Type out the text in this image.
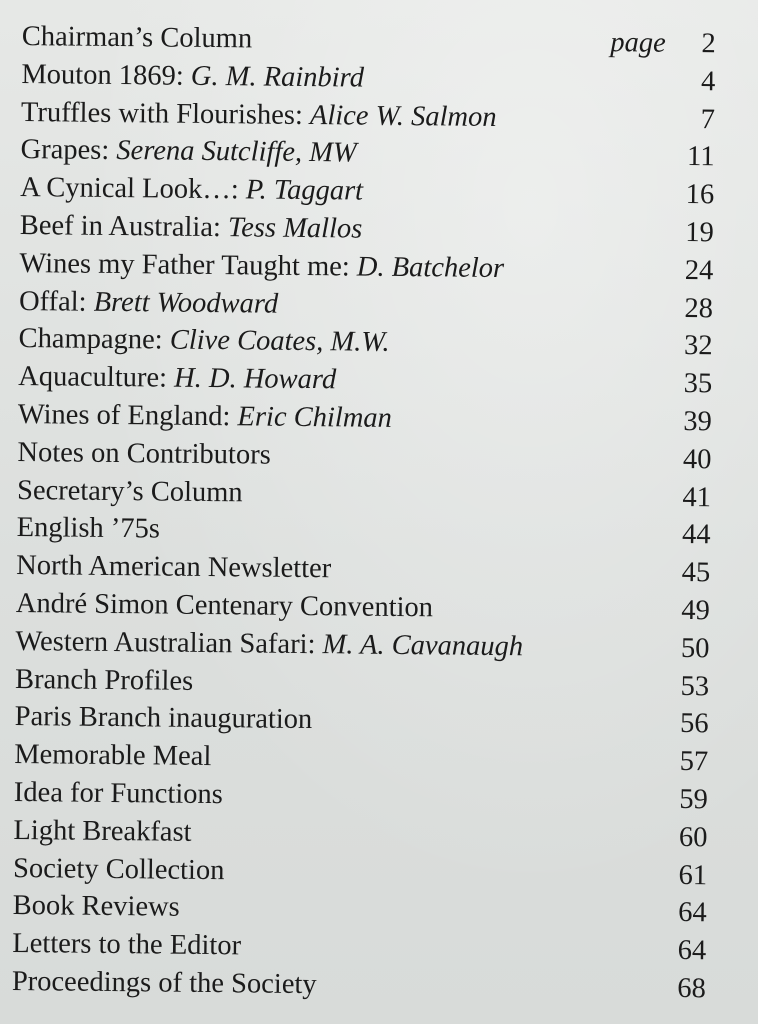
Chairman’s Column	page 2
Mouton 1869: G. M. Rainbird	4
Truffles with Flourishes: Alice W. Salmon	7
Grapes: Serena Sutcliffe, MW	11
A Cynical Look…: P. Taggart	16
Beef in Australia: Tess Mallos	19
Wines my Father Taught me: D. Batchelor	24
Offal: Brett Woodward	28
Champagne: Clive Coates, M.W.	32
Aquaculture: H. D. Howard	35
Wines of England: Eric Chilman	39
Notes on Contributors	40
Secretary’s Column	41
English ’75s	44
North American Newsletter	45
André Simon Centenary Convention	49
Western Australian Safari: M. A. Cavanaugh	50
Branch Profiles	53
Paris Branch inauguration	56
Memorable Meal	57
Idea for Functions	59
Light Breakfast	60
Society Collection	61
Book Reviews	64
Letters to the Editor	64
Proceedings of the Society	68
